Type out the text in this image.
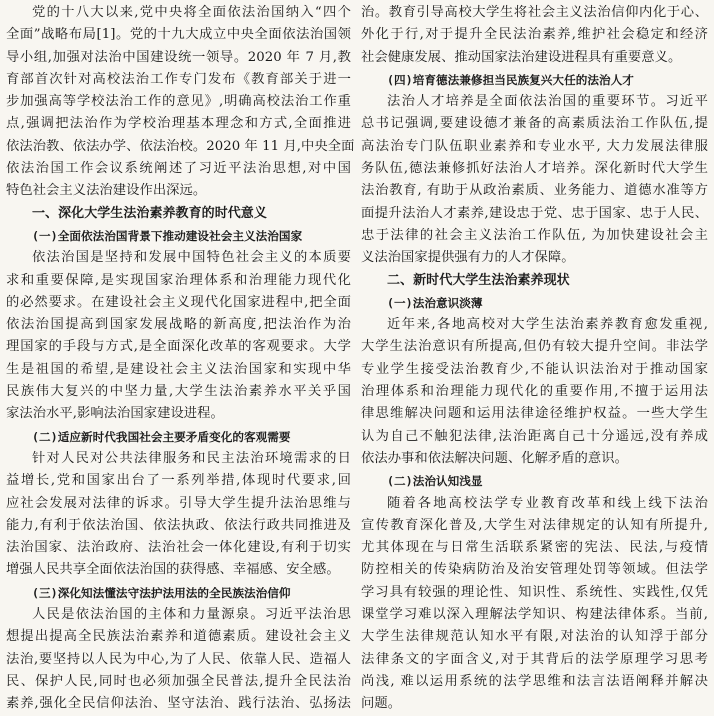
党的十八大以来,党中央将全面依法治国纳入“四个
全面”战略布局[1]。党的十九大成立中央全面依法治国领
导小组,加强对法治中国建设统一领导。2020 年 7 月,教
育部首次针对高校法治工作专门发布《教育部关于进一
步加强高等学校法治工作的意见》,明确高校法治工作重
点,强调把法治作为学校治理基本理念和方式,全面推进
依法治教、依法办学、依法治校。2020 年 11 月,中央全面
依法治国工作会议系统阐述了习近平法治思想,对中国
特色社会主义法治建设作出深远。
一、深化大学生法治素养教育的时代意义
(一)全面依法治国背景下推动建设社会主义法治国家
依法治国是坚持和发展中国特色社会主义的本质要
求和重要保障,是实现国家治理体系和治理能力现代化
的必然要求。在建设社会主义现代化国家进程中,把全面
依法治国提高到国家发展战略的新高度,把法治作为治
理国家的手段与方式,是全面深化改革的客观要求。大学
生是祖国的希望,是建设社会主义法治国家和实现中华
民族伟大复兴的中坚力量,大学生法治素养水平关乎国
家法治水平,影响法治国家建设进程。
(二)适应新时代我国社会主要矛盾变化的客观需要
针对人民对公共法律服务和民主法治环境需求的日
益增长,党和国家出台了一系列举措,体现时代要求,回
应社会发展对法律的诉求。引导大学生提升法治思维与
能力,有利于依法治国、依法执政、依法行政共同推进及
法治国家、法治政府、法治社会一体化建设,有利于切实
增强人民共享全面依法治国的获得感、幸福感、安全感。
(三)深化知法懂法守法护法用法的全民族法治信仰
人民是依法治国的主体和力量源泉。习近平法治思
想提出提高全民族法治素养和道德素质。建设社会主义
法治,要坚持以人民为中心,为了人民、依靠人民、造福人
民、保护人民,同时也必须加强全民普法,提升全民法治
素养,强化全民信仰法治、坚守法治、践行法治、弘扬法
治。教育引导高校大学生将社会主义法治信仰内化于心、
外化于行,对于提升全民法治素养,维护社会稳定和经济
社会健康发展、推动国家法治建设进程具有重要意义。
(四)培育德法兼修担当民族复兴大任的法治人才
法治人才培养是全面依法治国的重要环节。习近平
总书记强调,要建设德才兼备的高素质法治工作队伍,提
高法治专门队伍职业素养和专业水平, 大力发展法律服
务队伍,德法兼修抓好法治人才培养。深化新时代大学生
法治教育, 有助于从政治素质、业务能力、道德水准等方
面提升法治人才素养,建设忠于党、忠于国家、忠于人民、
忠于法律的社会主义法治工作队伍, 为加快建设社会主
义法治国家提供强有力的人才保障。
二、新时代大学生法治素养现状
(一)法治意识淡薄
近年来,各地高校对大学生法治素养教育愈发重视,
大学生法治意识有所提高,但仍有较大提升空间。非法学
专业学生接受法治教育少,不能认识法治对于推动国家
治理体系和治理能力现代化的重要作用,不擅于运用法
律思维解决问题和运用法律途径维护权益。一些大学生
认为自己不触犯法律,法治距离自己十分遥远,没有养成
依法办事和依法解决问题、化解矛盾的意识。
(二)法治认知浅显
随着各地高校法学专业教育改革和线上线下法治
宣传教育深化普及,大学生对法律规定的认知有所提升,
尤其体现在与日常生活联系紧密的宪法、民法,与疫情
防控相关的传染病防治及治安管理处罚等领域。但法学
学习具有较强的理论性、知识性、系统性、实践性,仅凭
课堂学习难以深入理解法学知识、构建法律体系。当前,
大学生法律规范认知水平有限,对法治的认知浮于部分
法律条文的字面含义,对于其背后的法学原理学习思考
尚浅, 难以运用系统的法学思维和法言法语阐释并解决
问题。
